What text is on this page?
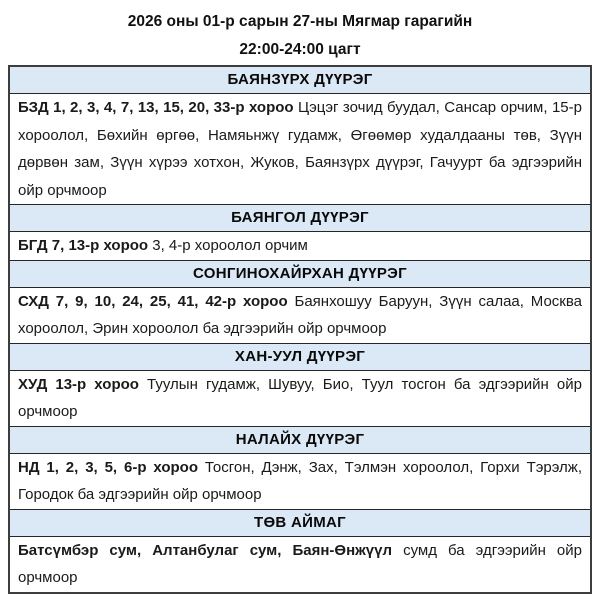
2026 оны 01-р сарын 27-ны Мягмар гарагийн
22:00-24:00 цагт
БАЯНЗҮРХ ДҮҮРЭГ
БЗД 1, 2, 3, 4, 7, 13, 15, 20, 33-р хороо Цэцэг зочид буудал, Сансар орчим, 15-р хороолол, Бөхийн өргөө, Намяьнжү гудамж, Өгөөмөр худалдааны төв, Зүүн дөрвөн зам, Зүүн хүрээ хотхон, Жуков, Баянзүрх дүүрэг, Гачуурт ба эдгээрийн ойр орчмоор
БАЯНГОЛ ДҮҮРЭГ
БГД 7, 13-р хороо 3, 4-р хороолол орчим
СОНГИНОХАЙРХАН ДҮҮРЭГ
СХД 7, 9, 10, 24, 25, 41, 42-р хороо Баянхошуу Баруун, Зүүн салаа, Москва хороолол, Эрин хороолол ба эдгээрийн ойр орчмоор
ХАН-УУЛ ДҮҮРЭГ
ХУД 13-р хороо Туулын гудамж, Шувуу, Био, Туул тосгон ба эдгээрийн ойр орчмоор
НАЛАЙХ ДҮҮРЭГ
НД 1, 2, 3, 5, 6-р хороо Тосгон, Дэнж, Зах, Тэлмэн хороолол, Горхи Тэрэлж, Городок ба эдгээрийн ойр орчмоор
ТӨВ АЙМАГ
Батсүмбэр сум, Алтанбулаг сум, Баян-Өнжүүл сумд ба эдгээрийн ойр орчмоор
